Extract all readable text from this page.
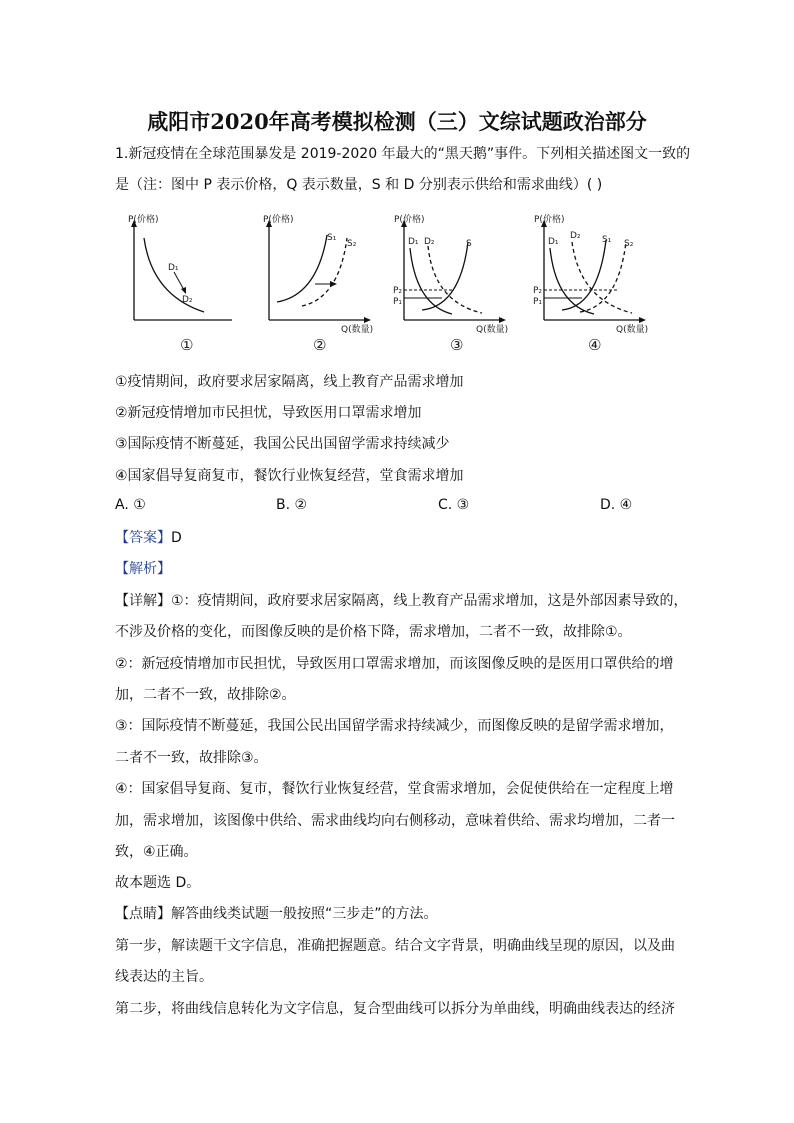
咸阳市2020年高考模拟检测（三）文综试题政治部分
1.新冠疫情在全球范围暴发是 2019-2020 年最大的“黑天鹅”事件。下列相关描述图文一致的
是（注：图中 P 表示价格，Q 表示数量，S 和 D 分别表示供给和需求曲线）( )
P(价格)
D₁
D₂
①
P(价格)
Q(数量)
S₁
S₂
②
P(价格)
Q(数量)
D₁ D₂	S
P₂
P₁
③
P(价格)
Q(数量)
D₁
D₂ S₁ S₂
P₂
P₁
④
①疫情期间，政府要求居家隔离，线上教育产品需求增加
②新冠疫情增加市民担忧，导致医用口罩需求增加
③国际疫情不断蔓延，我国公民出国留学需求持续减少
④国家倡导复商复市，餐饮行业恢复经营，堂食需求增加
A. ①	B. ②	C. ③	D. ④
【答案】D
【解析】
【详解】①：疫情期间，政府要求居家隔离，线上教育产品需求增加，这是外部因素导致的，
不涉及价格的变化，而图像反映的是价格下降，需求增加，二者不一致，故排除①。
②：新冠疫情增加市民担忧，导致医用口罩需求增加，而该图像反映的是医用口罩供给的增
加，二者不一致，故排除②。
③：国际疫情不断蔓延，我国公民出国留学需求持续减少，而图像反映的是留学需求增加，
二者不一致，故排除③。
④：国家倡导复商、复市，餐饮行业恢复经营，堂食需求增加，会促使供给在一定程度上增
加，需求增加，该图像中供给、需求曲线均向右侧移动，意味着供给、需求均增加，二者一
致，④正确。
故本题选 D。
【点睛】解答曲线类试题一般按照“三步走”的方法。
第一步，解读题干文字信息，准确把握题意。结合文字背景，明确曲线呈现的原因，以及曲
线表达的主旨。
第二步，将曲线信息转化为文字信息，复合型曲线可以拆分为单曲线，明确曲线表达的经济
